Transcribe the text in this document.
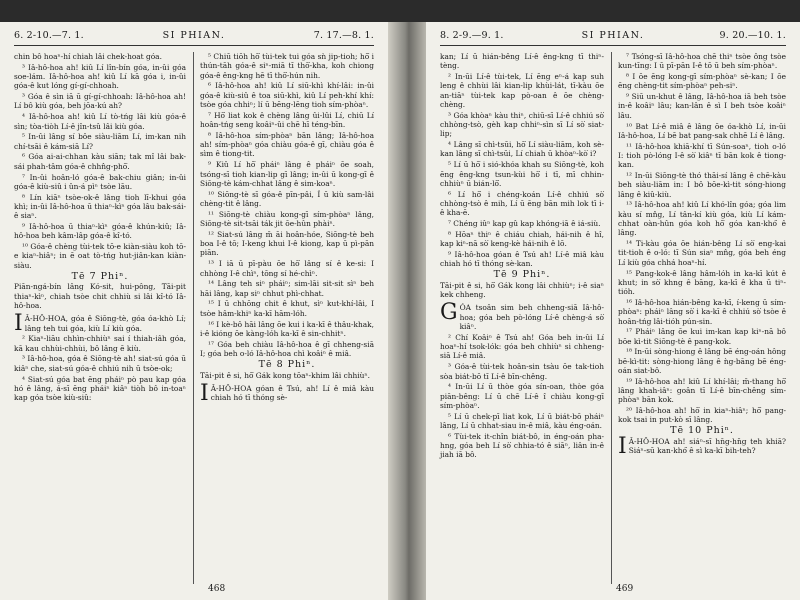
6. 2-10.—7. 1.	SI PHIAN.	7. 17.—8. 1.

chin bô hoaⁿ-hí chiah lâi chek-hoat góa.

³ Iâ-hô-hoa ah! kiû Lí lîn-bín góa, in-ûi góa soe-lám. Iâ-hô-hoa ah! kiû Lí kā góa i, in-ûi góa-ê kut lóng gí-gí-chhoah.

³ Góa ê sìn iā ū gí-gí-chhoah: Iâ-hô-hoa ah! Lí bô kiù góa, beh jōa-kú ah?

⁴ Iâ-hô-hoa ah! kiû Lí tò-tńg lâi kiù góa-ê sìn; tòa-tiòh Lí-ê jîn-tsû lâi kiù góa.

⁵ In-ûi lâng sí bôe siàu-liām Lí, im-kan nih chí-tsāi ê kám-siā Lí?

⁶ Góa ai-ai-chhan kàu siān; tak mî lâi bak-sái phah-tâm góa-ê chhn̂g-phō͘.

⁷ In-ûi hoân-ló góa-ê bak-chiu giân; in-ûi góa-ê kiù-siû i ûn-á pìⁿ tsòe lāu.

⁸ Lín kiāⁿ tsòe-ok-ê lâng tioh lī-khui góa khì; in-ûi Iâ-hô-hoa ū thiaⁿ-kìⁿ góa lâu bak-sái-ê siaⁿ.

⁹ Iâ-hô-hoa ū thiaⁿ-kìⁿ góa-ê khún-kiû; Iâ-hô-hoa beh kâm-lâp góa-ê kî-tó.

¹⁰ Góa-ê chèng tùi-tek tō-e kiàn-siàu koh tō-e kiaⁿ-hiâⁿ; in ē oat tò-tńg hut-jiân-kan kiàn-siàu.

Tē 7 Phiⁿ.

Piān-ngá-bín lâng Kó-sit, hui-pông, Tāi-pit thiaⁿ-kìⁿ, chiah tsòe chit chhiù si lâi kî-tó Iâ-hô-hoa.

I Â-HÔ-HOA, góa ê Siōng-tè, góa óa-khò Lí; lâng teh tui góa, kiù Lí kiù góa.

² Kiaⁿ-liāu chhìn-chhiùⁿ sai í thiah-iâh góa, kā kau chhùi-chhùi, bô lâng ē kiù.

³ Iâ-hô-hoa, góa ê Siōng-tè ah! siat-sú góa ū kiâⁿ che, siat-sú góa-ê chhiú nih ū tsòe-ok;

⁴ Siat-sú góa bat ēng pháiⁿ pò pau kap góa hó ê lâng, á-sī ēng pháiⁿ kiâⁿ tiòh bô in-toaⁿ kap góa tsòe kiù-siû:

⁵ Chiū tiōh hō͘ tùi-tek tui góa sǹ jip-tioh; hō͘ i thún-tāh góa-ê siⁿ-miā tī thō͘-kha, koh chiong góa-ê êng-kng hē tī thō͘-hún nih.

⁶ Iâ-hô-hoa ah! kiû Lí siū-khì khí-lâi: in-ûi góa-ê kiù-siû ê toa siū-khì, kiû Lí peh-khí khí: tsòe góa chhiⁿ; lí ū bēng-lēng tioh sím-phòaⁿ.

⁷ Hō͘ liat kok ê chèng lâng ûi-lûi Lí, chiū Lí hoân-tńg seng koâiⁿ-ûi chē hī téng-bīn.

⁸ Iâ-hô-hoa sím-phòaⁿ bān lâng; Iâ-hô-hoa ah! sím-phòaⁿ góa chiàu góa-ê gī, chiàu góa ê sìm ê tiong-tit.

⁹ Kiû Lí hō͘ pháiⁿ lâng ê pháiⁿ ōe soah, tsóng-sī tioh kian-lip gī lâng; in-ûi ū kong-gī ê Siōng-tè kám-chhat lâng ê sim-koaⁿ.

¹⁰ Siōng-tè sī góa-ê pīn-pâi, Í ū kiù sam-lâi chèng-tit ê lâng.

¹¹ Siōng-tè chiàu kong-gī sím-phòaⁿ lâng, Siōng-tè sit-tsāi ták jit ōe-hûn phàiⁿ.

¹² Siat-sú lâng m̄ āi hoân-hóe, Siōng-tè beh boa I-ê tō; I-keng khui I-ê kiong, kap ū pì-pān piān.

¹³ I iā ū pī-pàu ōe hō͘ lâng sí ê ke-si: I chhòng I-ê chìⁿ, tōng sí hé-chìⁿ.

¹⁴ Lâng teh siⁿ pháiⁿ; sim-lāi sit-sit sìⁿ beh hāi lâng, kap siⁿ chhut phì-chhat.

¹⁵ I ū chhōng chit ê khut, sìⁿ kut-khí-lâi, I tsòe hâm-khiⁿ ka-kī hām-lóh.

¹⁶ I kè-bô hāi lâng ōe kui i ka-kī ê thâu-khak, i-ê kióng ōe kàng-lóh ka-kī ê sin-chhitⁿ.

¹⁷ Góa beh chiàu Iâ-hô-hoa ê gī chheng-siā I; góa beh o-ló Iâ-hô-hoa chì koâiⁿ ê miâ.

Tē 8 Phiⁿ.

Tāi-pit ê si, hō͘ Gák kong tōaⁿ-khim lâi chhiùⁿ.

I Â-HÔ-HOA góan ê Tsú, ah! Lí ê miâ kàu chiah hó tī thóng sè-

468
8. 2-9.—9. 1.	SI PHIAN.	9. 20.—10. 1.

kan; Lí ū hián-bêng Lí-ê êng-kng tī thiⁿ-tèng.

² In-ūi Lí-ê tùi-tek, Lí ēng eⁿ-á kap suh leng ê chhùi lâi kian-lip khùi-lát, tī-kàu ōe an-tiāⁿ tùi-tek kap pò-oan ê ōe chèng-chèng.

³ Góa khòaⁿ kàu thiⁿ, chiū-sī Lí-ê chhiú sò͘ chhòng-tsò, gèh kap chhiⁿ-sìn sī Lí sò͘ siat-lip;

⁴ Lâng sī chì-tsūi, hō͘ Lí siàu-liām, koh sè-kan lâng sī chì-tsūi, Lí chiah ū khòaⁿ-kò͘ i?

⁵ Lí ū hō͘ i sió-khóa khah su Siōng-tè, koh ēng êng-kng tsun-kùi hō͘ i tī, mī chhin-chhiùⁿ ū bián-lō͘.

⁶ Lí hō͘ i chéng-koán Lí-ê chhiú sò͘ chhòng-tsò ê mih, Lí ū ēng bān mih lok tī i-ê kha-ē.

⁷ Chéng iûⁿ kap gû kap khóng-iā ê iá-siù.

⁸ Hōaⁿ thiⁿ ê chiáu chiah, hái-nih ê hî, kap kiⁿ-nā sò͘ keng-kè hái-nih ê lō.

⁹ Iâ-hô-hoa góan ê Tsú ah! Lí-ê miâ kàu chiah hó tī thóng sè-kan.

Tē 9 Phiⁿ.

Tāi-pit ê si, hō͘ Gák kong lâi chhiùⁿ; i-ê siaⁿ kek chheng.

GÓA tsoân sim beh chheng-siā Iâ-hô-hoa; góa beh pò-lóng Lí-ê chèng-á sò͘ kiâⁿ.

² Chí Koâiⁿ ê Tsú ah! Góa beh in-ûi Lí hoaⁿ-hí tsok-lók: góa beh chhiùⁿ si chheng-siā Lí-ê miâ.

³ Góa-ê tùi-tek hoân-sin tsàu ōe tak-tioh sòa biát-bō tī Lí-ê bīn-chêng.

⁴ In-ūi Lí ū thòe góa sín-oan, thòe góa piān-bêng: Lí ū chē Lí-ê î chiàu kong-gī sím-phòaⁿ.

⁵ Lí ū chek-pī liat kok, Lí ū biát-bō pháiⁿ lâng, Lí ū chhat-siau in-ê miâ, kàu éng-oán.

⁶ Tùi-tek it-chîn biát-bô, in éng-oán pha-hng, góa beh Lí sò͘ chhia-tó ê siāⁿ, liân in-ê jiah iā bô.

⁷ Tsóng-sī Iâ-hô-hoa chē thiⁿ tsòe ông tsòe kun-tīng: I ū pī-pān I-ê tō ū beh sím-phòaⁿ.

⁸ I ōe ēng kong-gī sím-phòaⁿ sè-kan; I ōe ēng chèng-tit sím-phòaⁿ peh-siⁿ.

⁹ Siū un-khut ê lâng, Iâ-hô-hoa iā beh tsòe in-ê koâiⁿ lâu; kan-lân ê sì I beh tsòe koâiⁿ lâu.

¹⁰ Bat Lí-ê miâ ê lâng ōe óa-khò Lí, in-ūi Iâ-hô-hoa, Lí bē bat pang-sak chhē Lí ê lâng.

¹¹ Iâ-hô-hoa khiā-khí tī Sún-soaⁿ, tioh o-ló I: tioh pò-lóng I-ê sò͘ kiâⁿ tī bān kok ê tiong-kan.

¹² In-ūi Siōng-tè thó thāi-sí lâng ê chē-kàu beh siàu-liām in: I bô bōe-kì-tit sóng-hiong lâng ê kiû-kiù.

¹³ Iâ-hô-hoa ah! kiû Lí khó-lîn góa; góa lim kàu sí mn̂g, Lí tân-kí kiù góa, kiù Lí kám-chhat oàn-hûn góa koh hō͘ góa kan-khó͘ ê lâng.

¹⁴ Ti-kàu góa ōe hián-bêng Lí sò͘ eng-kai tit-tioh ê o-ló: tī Sún siaⁿ mn̂g, góa beh éng Lí kiù góa chhá hoaⁿ-hí.

¹⁵ Pang-kok-ê lâng hâm-lóh in ka-kī kút ê khut; in sò͘ khng ê bāng, ka-kī ê kha ū tiⁿ-tióh.

¹⁶ Iâ-hô-hoa hián-bêng ka-kī, í-keng ū sím-phòaⁿ: pháiⁿ lâng sò͘ i ka-kī ê chhiú sò͘ tsòe ê hoân-tńg lâi-tióh pún-sin.

¹⁷ Pháiⁿ lâng ōe kui im-kan kap kiⁿ-nā bô bōe kì-tit Siōng-tè ê pang-kok.

¹⁸ In-ūi sòng-hiong ê lâng bē éng-oán hông bē-kì-tit: sòng-hiong lâng ê ǹg-bāng bē éng-oán siat-bô.

¹⁹ Iâ-hô-hoa ah! kiû Lí khí-lâi; m̄-thang hō͘ lâng khah-iâⁿ: goân tī Lí-ê bīn-chêng sím-phòaⁿ bān kok.

²⁰ Iâ-hô-hoa ah! hō͘ in kiaⁿ-hiâⁿ; hō͘ pang-kok tsai in put-kò sī lâng.

Tē 10 Phiⁿ.

I Â-HÔ-HOA ah! siáⁿ-sī hn̄g-hn̄g teh khiā? Siáⁿ-sū kan-khó͘ ê sì ka-kī bih-teh?

469
